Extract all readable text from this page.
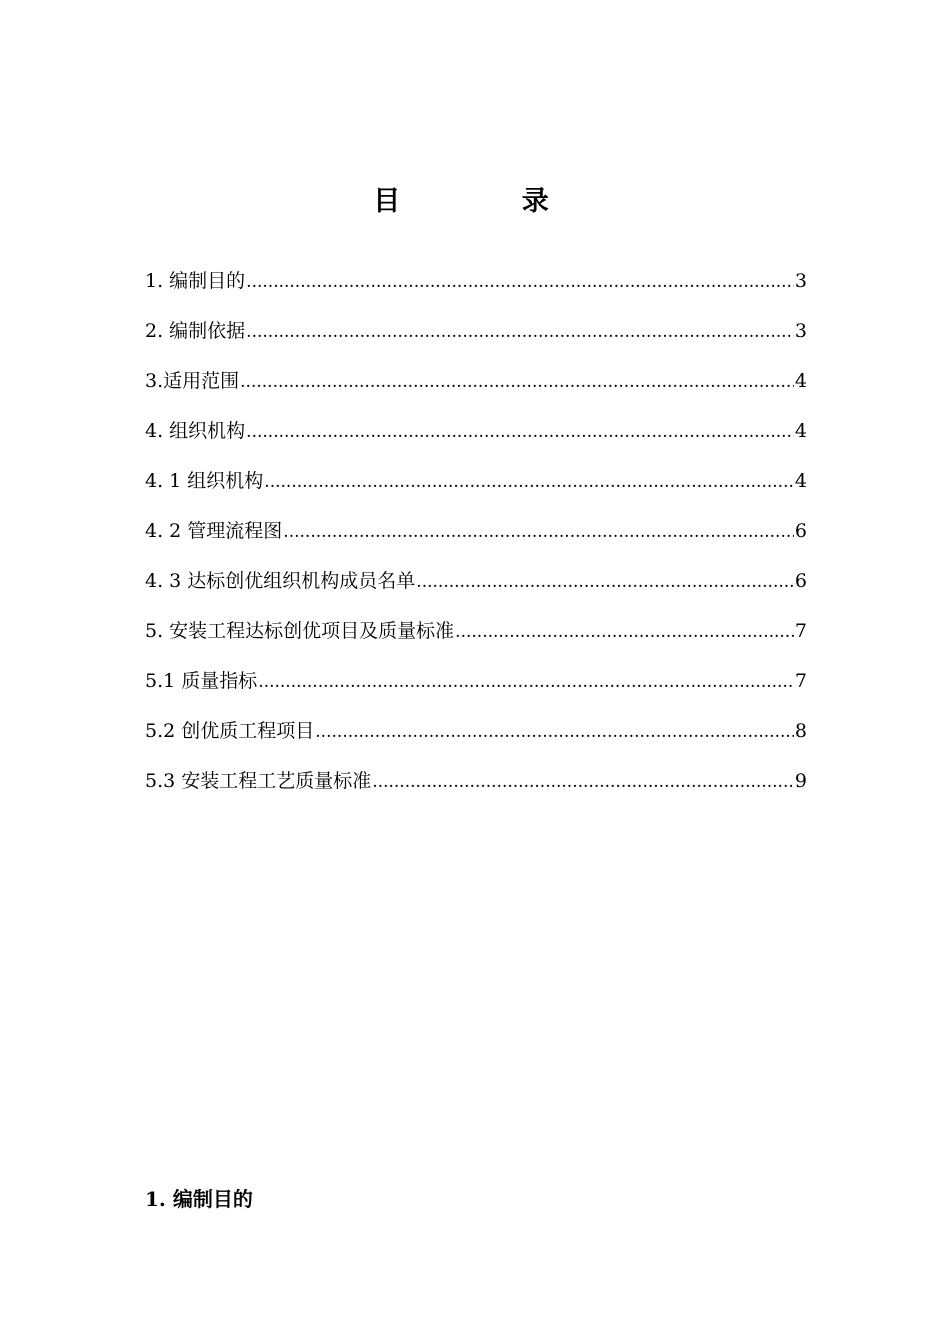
目 录
1. 编制目的 .....	3
2. 编制依据 .....	3
3.适用范围 .....	4
4. 组织机构 .....	4
4. 1 组织机构 .....	4
4. 2 管理流程图 .....	6
4. 3 达标创优组织机构成员名单 .....	6
5. 安装工程达标创优项目及质量标准 .....	7
5.1 质量指标 .....	7
5.2 创优质工程项目 .....	8
5.3 安装工程工艺质量标准 .....	9
1. 编制目的
